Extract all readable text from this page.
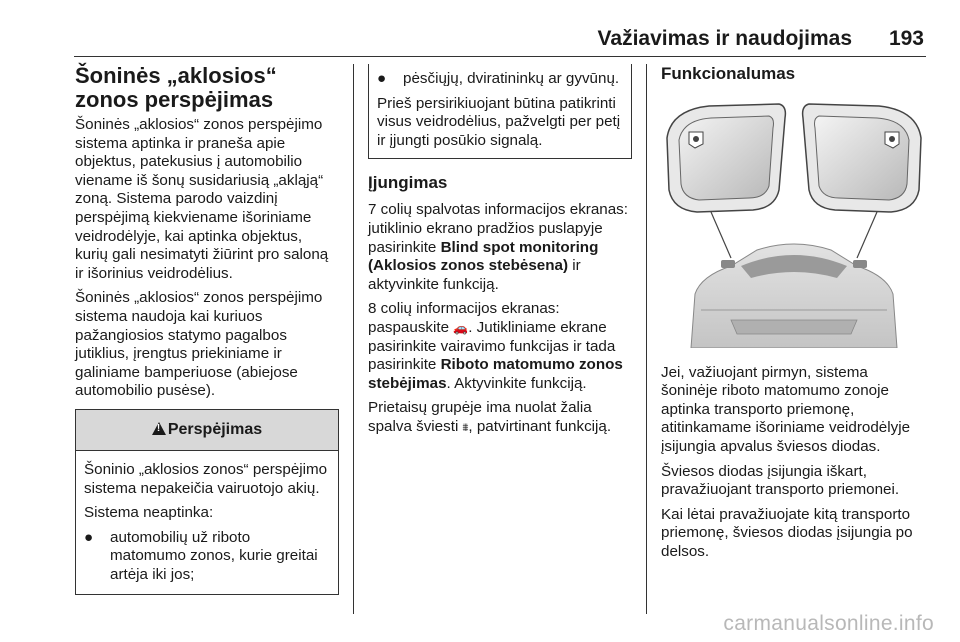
Važiavimas ir naudojimas 193
Šoninės „aklosios“ zonos perspėjimas

Šoninės „aklosios“ zonos perspėjimo sistema aptinka ir praneša apie objektus, patekusius į automobilio viename iš šonų susidariusią „akląją“ zoną. Sistema parodo vaizdinį perspėjimą kiekviename išoriniame veidrodėlyje, kai aptinka objektus, kurių gali nesimatyti žiūrint pro saloną ir išorinius veidrodėlius.

Šoninės „aklosios“ zonos perspėjimo sistema naudoja kai kuriuos pažangiosios statymo pagalbos jutiklius, įrengtus priekiniame ir galiniame bamperiuose (abiejose automobilio pusėse).

!Perspėjimas

Šoninio „aklosios zonos“ perspėjimo sistema nepakeičia vairuotojo akių.

Sistema neaptinka:

●	automobilių už riboto matomumo zonos, kurie greitai artėja iki jos;
●	pėsčiųjų, dviratininkų ar gyvūnų.

Prieš persirikiuojant būtina patikrinti visus veidrodėlius, pažvelgti per petį ir įjungti posūkio signalą.

Įjungimas

7 colių spalvotas informacijos ekranas: jutiklinio ekrano pradžios puslapyje pasirinkite Blind spot monitoring (Aklosios zonos stebėsena) ir aktyvinkite funkciją.

8 colių informacijos ekranas: paspauskite 🚗. Jutikliniame ekrane pasirinkite vairavimo funkcijas ir tada pasirinkite Riboto matomumo zonos stebėjimas. Aktyvinkite funkciją.

Prietaisų grupėje ima nuolat žalia spalva šviesti ⩩, patvirtinant funkciją.

Funkcionalumas

Jei, važiuojant pirmyn, sistema šoninėje riboto matomumo zonoje aptinka transporto priemonę, atitinkamame išoriniame veidrodėlyje įsijungia apvalus šviesos diodas.

Šviesos diodas įsijungia iškart, pravažiuojant transporto priemonei.

Kai lėtai pravažiuojate kitą transporto priemonę, šviesos diodas įsijungia po delsos.

carmanualsonline.info
